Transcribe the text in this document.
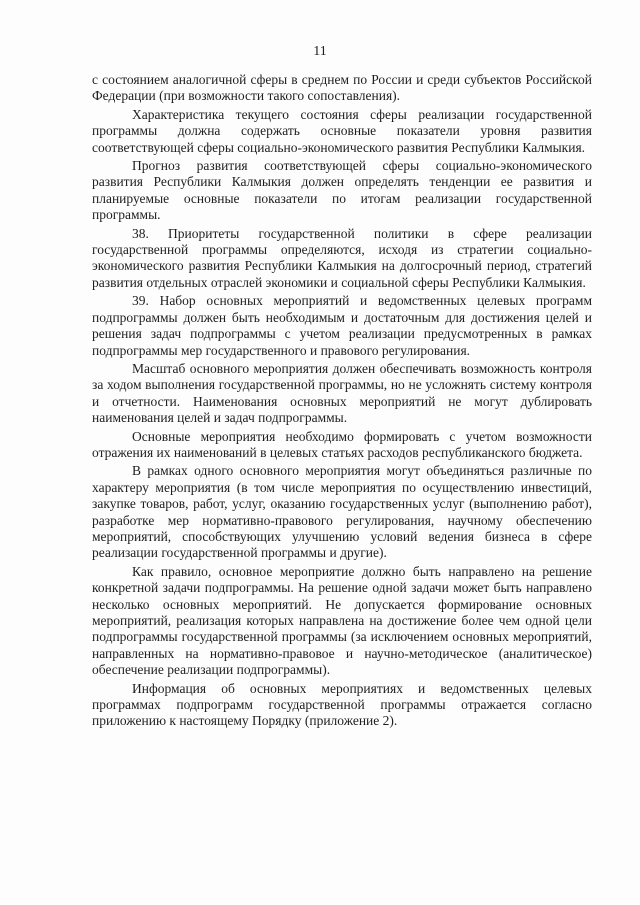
11

с состоянием аналогичной сферы в среднем по России и среди субъектов Российской Федерации (при возможности такого сопоставления).

Характеристика текущего состояния сферы реализации государственной программы должна содержать основные показатели уровня развития соответствующей сферы социально-экономического развития Республики Калмыкия.

Прогноз развития соответствующей сферы социально-экономического развития Республики Калмыкия должен определять тенденции ее развития и планируемые основные показатели по итогам реализации государственной программы.

38. Приоритеты государственной политики в сфере реализации государственной программы определяются, исходя из стратегии социально-экономического развития Республики Калмыкия на долгосрочный период, стратегий развития отдельных отраслей экономики и социальной сферы Республики Калмыкия.

39. Набор основных мероприятий и ведомственных целевых программ подпрограммы должен быть необходимым и достаточным для достижения целей и решения задач подпрограммы с учетом реализации предусмотренных в рамках подпрограммы мер государственного и правового регулирования.

Масштаб основного мероприятия должен обеспечивать возможность контроля за ходом выполнения государственной программы, но не усложнять систему контроля и отчетности. Наименования основных мероприятий не могут дублировать наименования целей и задач подпрограммы.

Основные мероприятия необходимо формировать с учетом возможности отражения их наименований в целевых статьях расходов республиканского бюджета.

В рамках одного основного мероприятия могут объединяться различные по характеру мероприятия (в том числе мероприятия по осуществлению инвестиций, закупке товаров, работ, услуг, оказанию государственных услуг (выполнению работ), разработке мер нормативно-правового регулирования, научному обеспечению мероприятий, способствующих улучшению условий ведения бизнеса в сфере реализации государственной программы и другие).

Как правило, основное мероприятие должно быть направлено на решение конкретной задачи подпрограммы. На решение одной задачи может быть направлено несколько основных мероприятий. Не допускается формирование основных мероприятий, реализация которых направлена на достижение более чем одной цели подпрограммы государственной программы (за исключением основных мероприятий, направленных на нормативно-правовое и научно-методическое (аналитическое) обеспечение реализации подпрограммы).

Информация об основных мероприятиях и ведомственных целевых программах подпрограмм государственной программы отражается согласно приложению к настоящему Порядку (приложение 2).
